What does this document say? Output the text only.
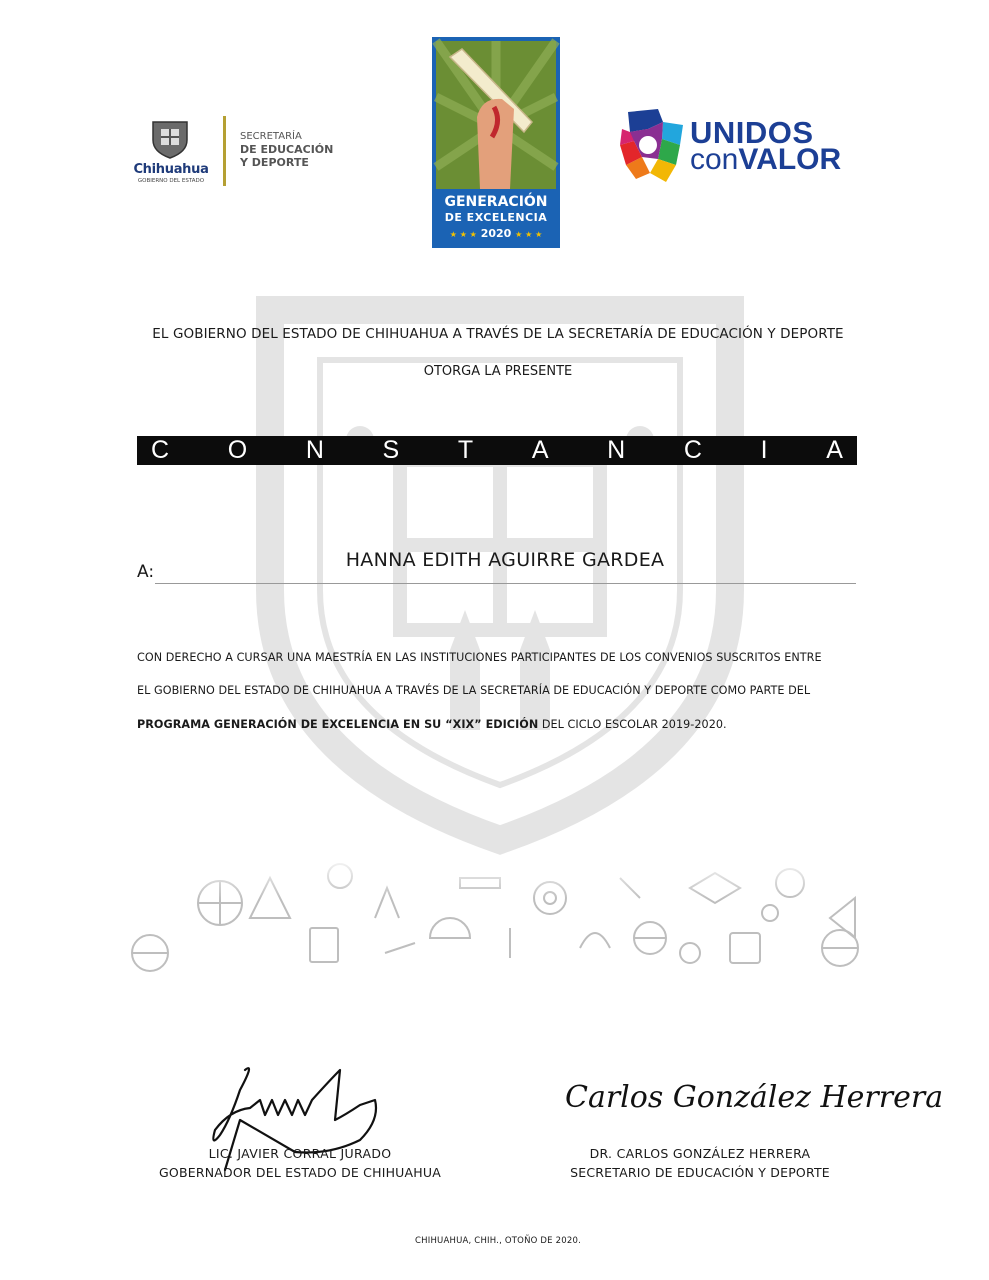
Chihuahua
GOBIERNO DEL ESTADO
SECRETARÍA
DE EDUCACIÓN
Y DEPORTE
GENERACIÓN
DE EXCELENCIA
★ ★ ★ 2020 ★ ★ ★
UNIDOS
conVALOR
EL GOBIERNO DEL ESTADO DE CHIHUAHUA A TRAVÉS DE LA SECRETARÍA DE EDUCACIÓN Y DEPORTE
OTORGA LA PRESENTE
C O N S T A N C I A
A:
HANNA EDITH AGUIRRE GARDEA
CON DERECHO A CURSAR UNA MAESTRÍA EN LAS INSTITUCIONES PARTICIPANTES DE LOS CONVENIOS SUSCRITOS ENTRE
EL GOBIERNO DEL ESTADO DE CHIHUAHUA A TRAVÉS DE LA SECRETARÍA DE EDUCACIÓN Y DEPORTE COMO PARTE DEL
PROGRAMA GENERACIÓN DE EXCELENCIA EN SU “XIX” EDICIÓN DEL CICLO ESCOLAR 2019-2020.
Carlos González Herrera
LIC. JAVIER CORRAL JURADO
GOBERNADOR DEL ESTADO DE CHIHUAHUA
DR. CARLOS GONZÁLEZ HERRERA
SECRETARIO DE EDUCACIÓN Y DEPORTE
CHIHUAHUA, CHIH., OTOÑO DE 2020.
